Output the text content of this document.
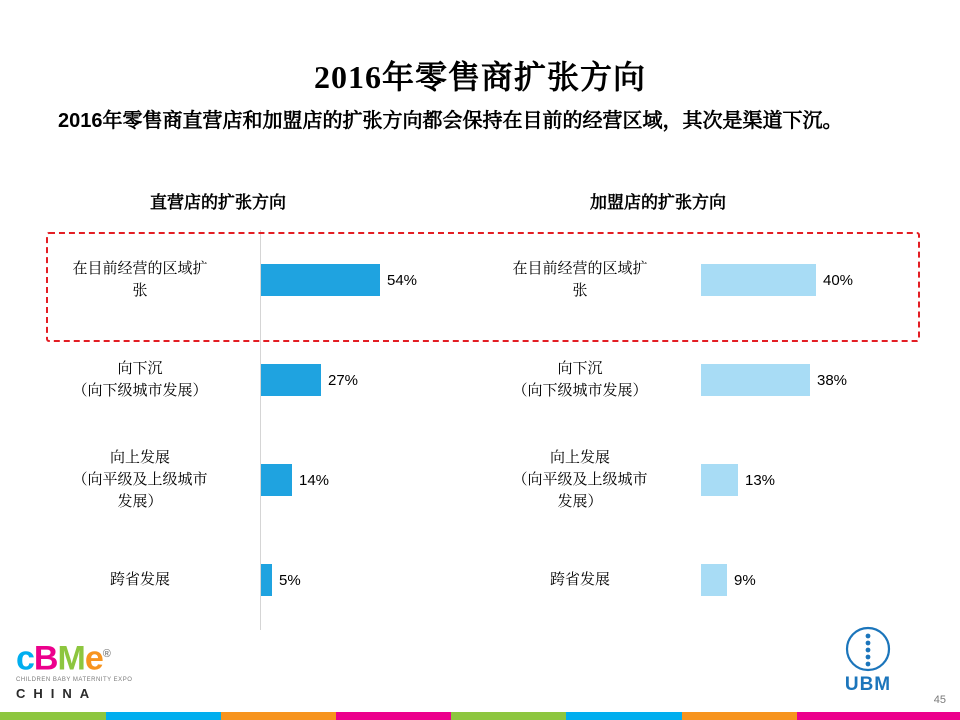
2016年零售商扩张方向
2016年零售商直营店和加盟店的扩张方向都会保持在目前的经营区域，其次是渠道下沉。
直营店的扩张方向
在目前经营的区域扩
张
54%
向下沉
（向下级城市发展）
27%
向上发展
（向平级及上级城市
发展）
14%
跨省发展	5%
加盟店的扩张方向
在目前经营的区域扩
张
40%
向下沉
（向下级城市发展）
38%
向上发展
（向平级及上级城市
发展）
13%
跨省发展	9%
cBMe®
CHILDREN BABY MATERNITY EXPO
CHINA	UBM
45
